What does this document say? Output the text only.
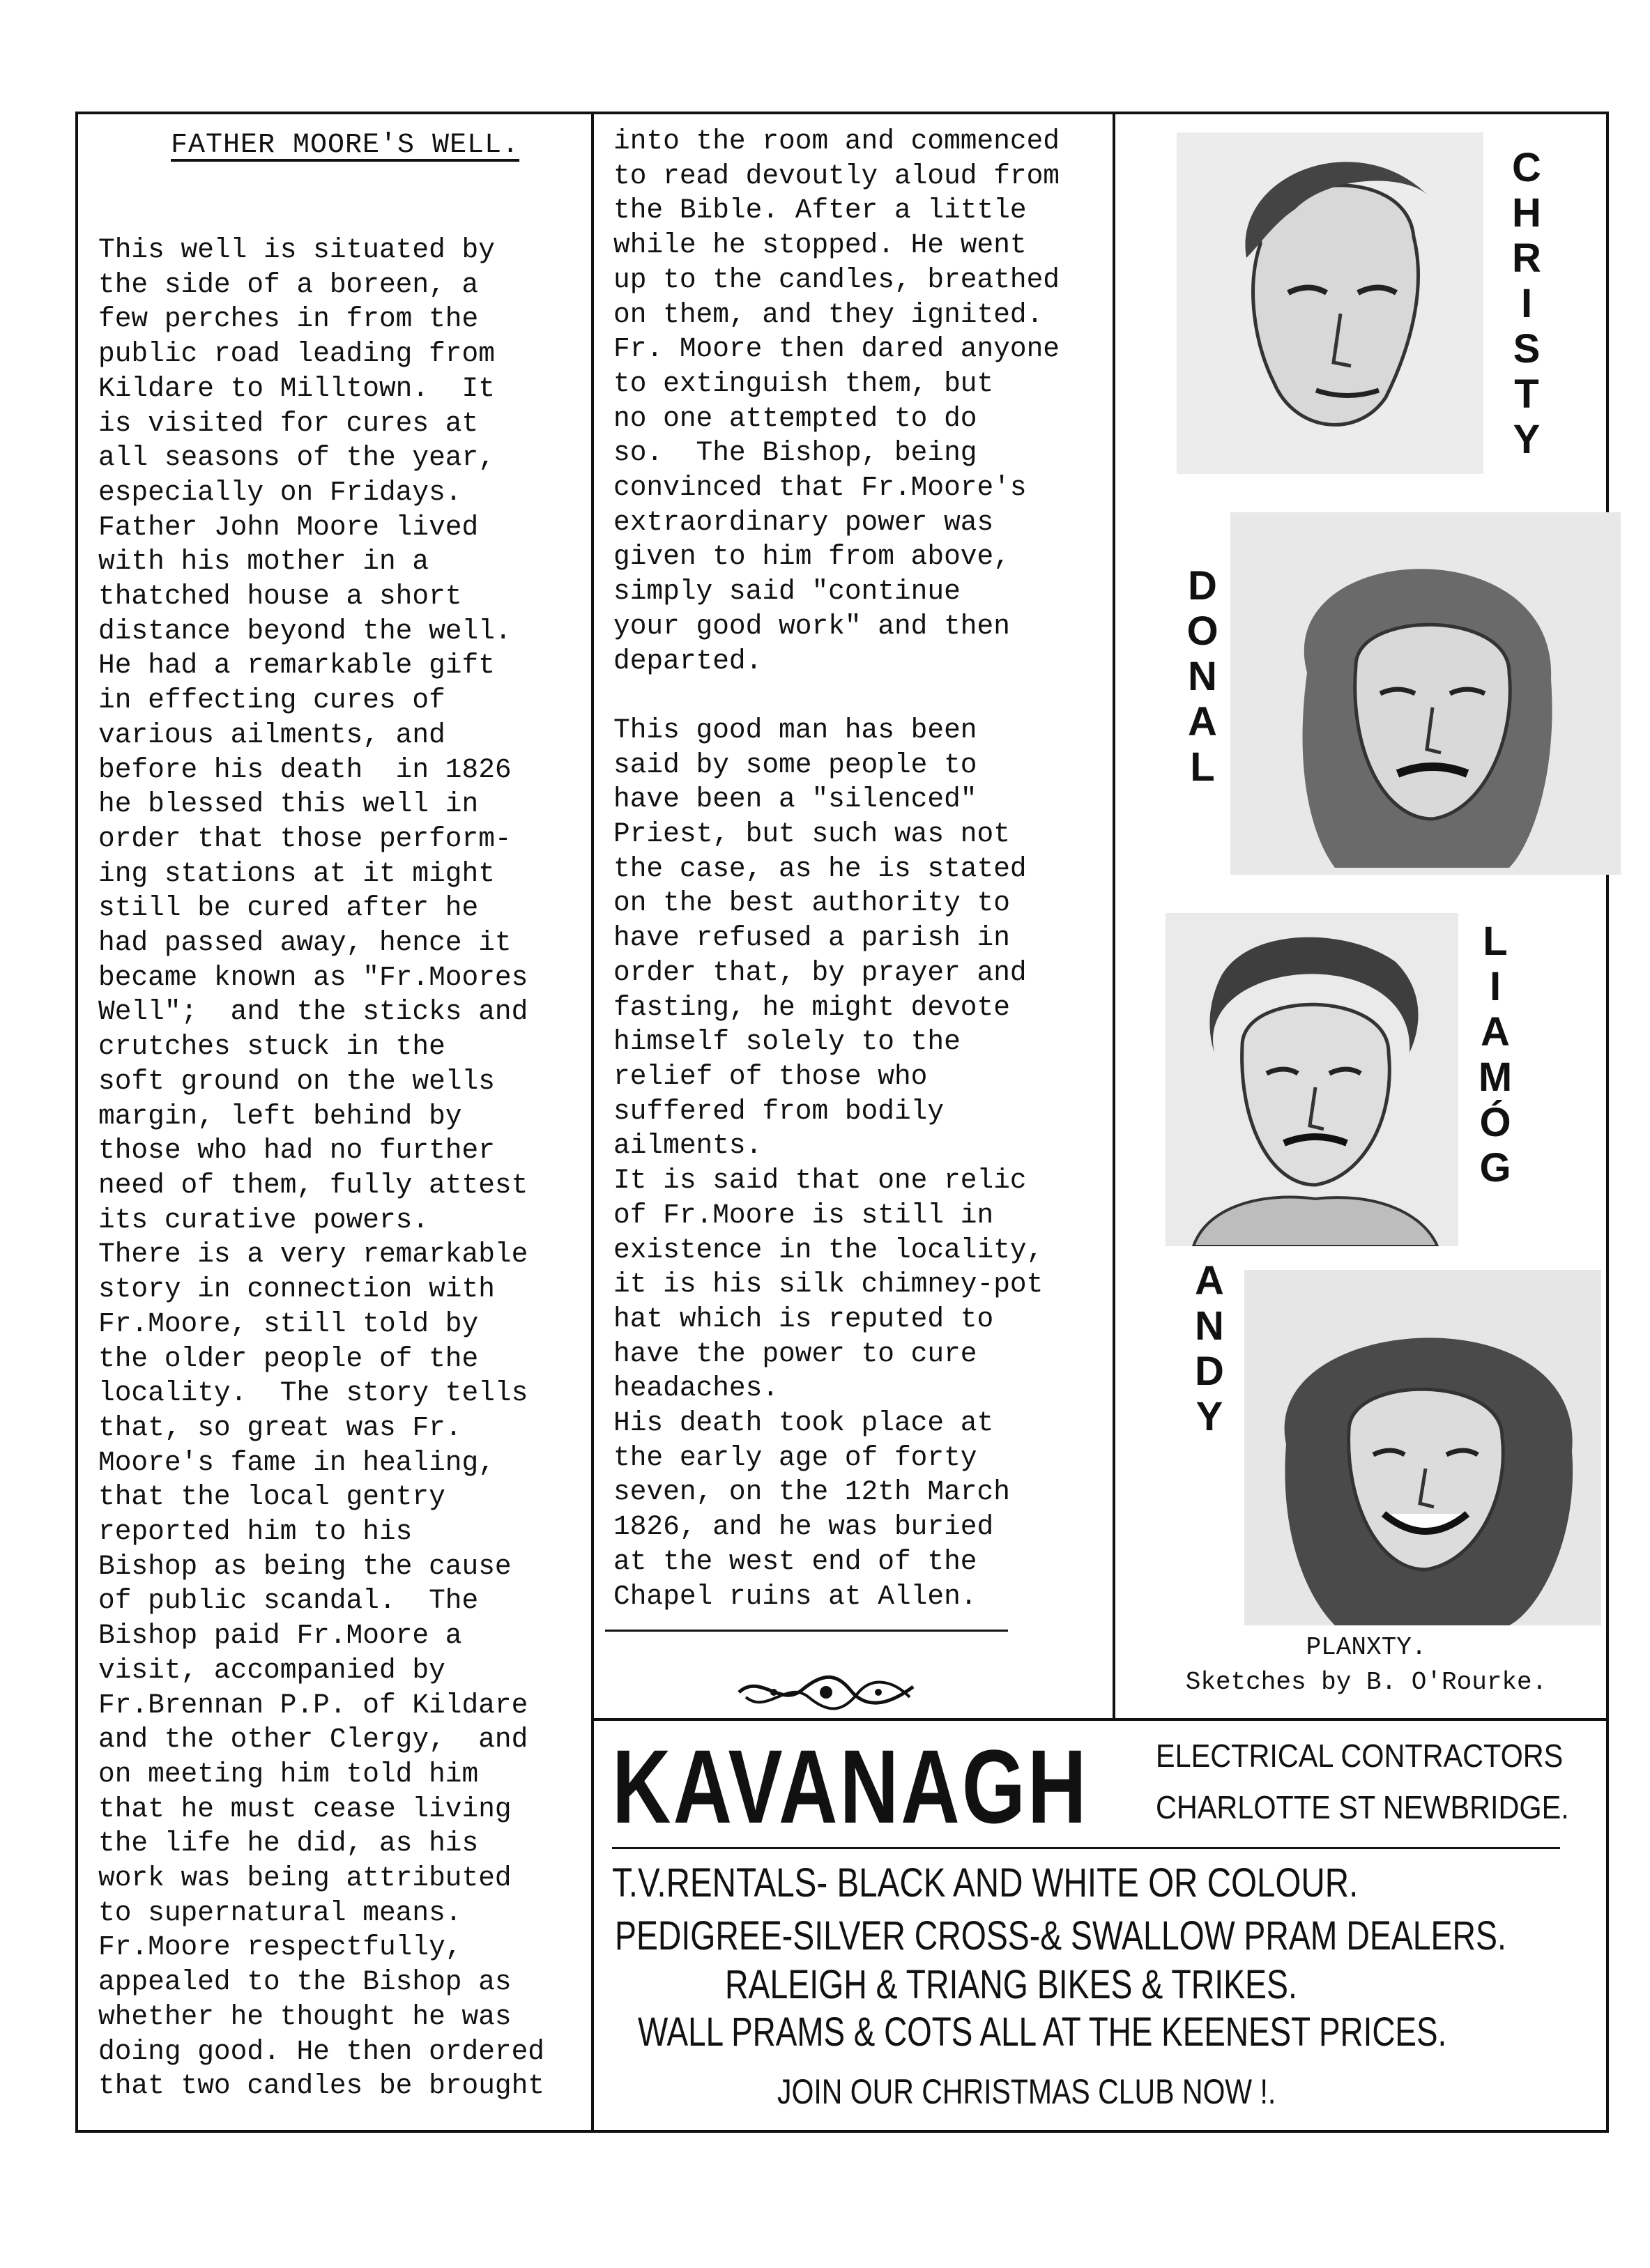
FATHER MOORE'S WELL.
This well is situated by
the side of a boreen, a
few perches in from the
public road leading from
Kildare to Milltown.  It
is visited for cures at
all seasons of the year,
especially on Fridays.
Father John Moore lived
with his mother in a
thatched house a short
distance beyond the well.
He had a remarkable gift
in effecting cures of
various ailments, and
before his death  in 1826
he blessed this well in
order that those perform-
ing stations at it might
still be cured after he
had passed away, hence it
became known as "Fr.Moores
Well";  and the sticks and
crutches stuck in the
soft ground on the wells
margin, left behind by
those who had no further
need of them, fully attest
its curative powers.
There is a very remarkable
story in connection with
Fr.Moore, still told by
the older people of the
locality.  The story tells
that, so great was Fr.
Moore's fame in healing,
that the local gentry
reported him to his
Bishop as being the cause
of public scandal.  The
Bishop paid Fr.Moore a
visit, accompanied by
Fr.Brennan P.P. of Kildare
and the other Clergy,  and
on meeting him told him
that he must cease living
the life he did, as his
work was being attributed
to supernatural means.
Fr.Moore respectfully,
appealed to the Bishop as
whether he thought he was
doing good. He then ordered
that two candles be brought
into the room and commenced
to read devoutly aloud from
the Bible. After a little
while he stopped. He went
up to the candles, breathed
on them, and they ignited.
Fr. Moore then dared anyone
to extinguish them, but
no one attempted to do
so.  The Bishop, being
convinced that Fr.Moore's
extraordinary power was
given to him from above,
simply said "continue
your good work" and then
departed.

This good man has been
said by some people to
have been a "silenced"
Priest, but such was not
the case, as he is stated
on the best authority to
have refused a parish in
order that, by prayer and
fasting, he might devote
himself solely to the
relief of those who
suffered from bodily
ailments.
It is said that one relic
of Fr.Moore is still in
existence in the locality,
it is his silk chimney-pot
hat which is reputed to
have the power to cure
headaches.
His death took place at
the early age of forty
seven, on the 12th March
1826, and he was buried
at the west end of the
Chapel ruins at Allen.
C
H
R
I
S
T
Y
D
O
N
A
L
L
I
A
M
Ó
G
A
N
D
Y
PLANXTY.
Sketches by B. O'Rourke.
KAVANAGH ELECTRICAL CONTRACTORS
CHARLOTTE ST NEWBRIDGE.
T.V.RENTALS- BLACK AND WHITE OR COLOUR.
PEDIGREE-SILVER CROSS-& SWALLOW PRAM DEALERS.
RALEIGH & TRIANG BIKES & TRIKES.
WALL PRAMS & COTS ALL AT THE KEENEST PRICES.
JOIN OUR CHRISTMAS CLUB NOW !.
